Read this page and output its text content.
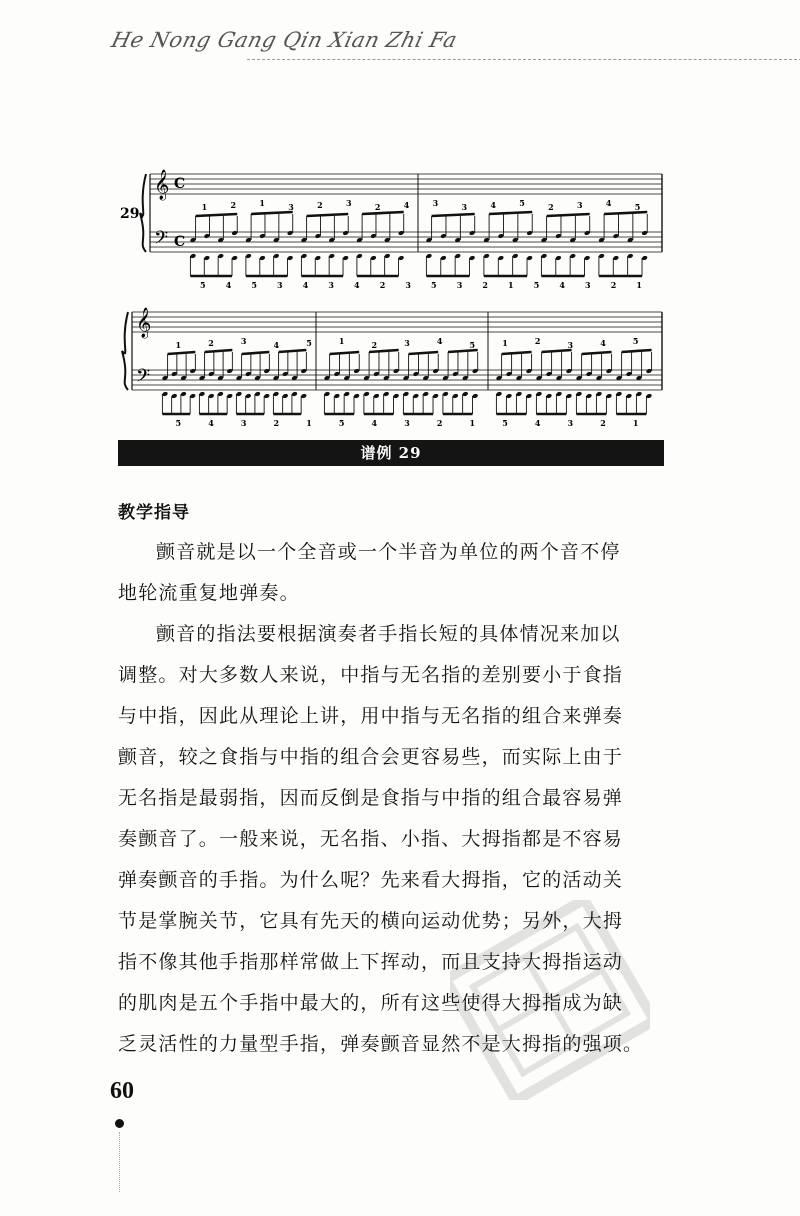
He Nong Gang Qin Xian Zhi Fa
𝄞
𝄢
C
C
1	2	1	3	2	3	2	4	3	3	4	5	2	3	4	5
5	4	5	3	4	3	4	2	3	5	3	2	1	5	4	3	2	1
𝄞
𝄢
1	2	3	4	5	1	2	3	4	5	1	2	3	4	5
5	4	3	2	1	5	4	3	2	1	5	4	3	2	1
29.
谱例 29
教学指导
颤音就是以一个全音或一个半音为单位的两个音不停
地轮流重复地弹奏。
颤音的指法要根据演奏者手指长短的具体情况来加以
调整。对大多数人来说，中指与无名指的差别要小于食指
与中指，因此从理论上讲，用中指与无名指的组合来弹奏
颤音，较之食指与中指的组合会更容易些，而实际上由于
无名指是最弱指，因而反倒是食指与中指的组合最容易弹
奏颤音了。一般来说，无名指、小指、大拇指都是不容易
弹奏颤音的手指。为什么呢？先来看大拇指，它的活动关
节是掌腕关节，它具有先天的横向运动优势；另外，大拇
指不像其他手指那样常做上下挥动，而且支持大拇指运动
的肌肉是五个手指中最大的，所有这些使得大拇指成为缺
乏灵活性的力量型手指，弹奏颤音显然不是大拇指的强项。
60
